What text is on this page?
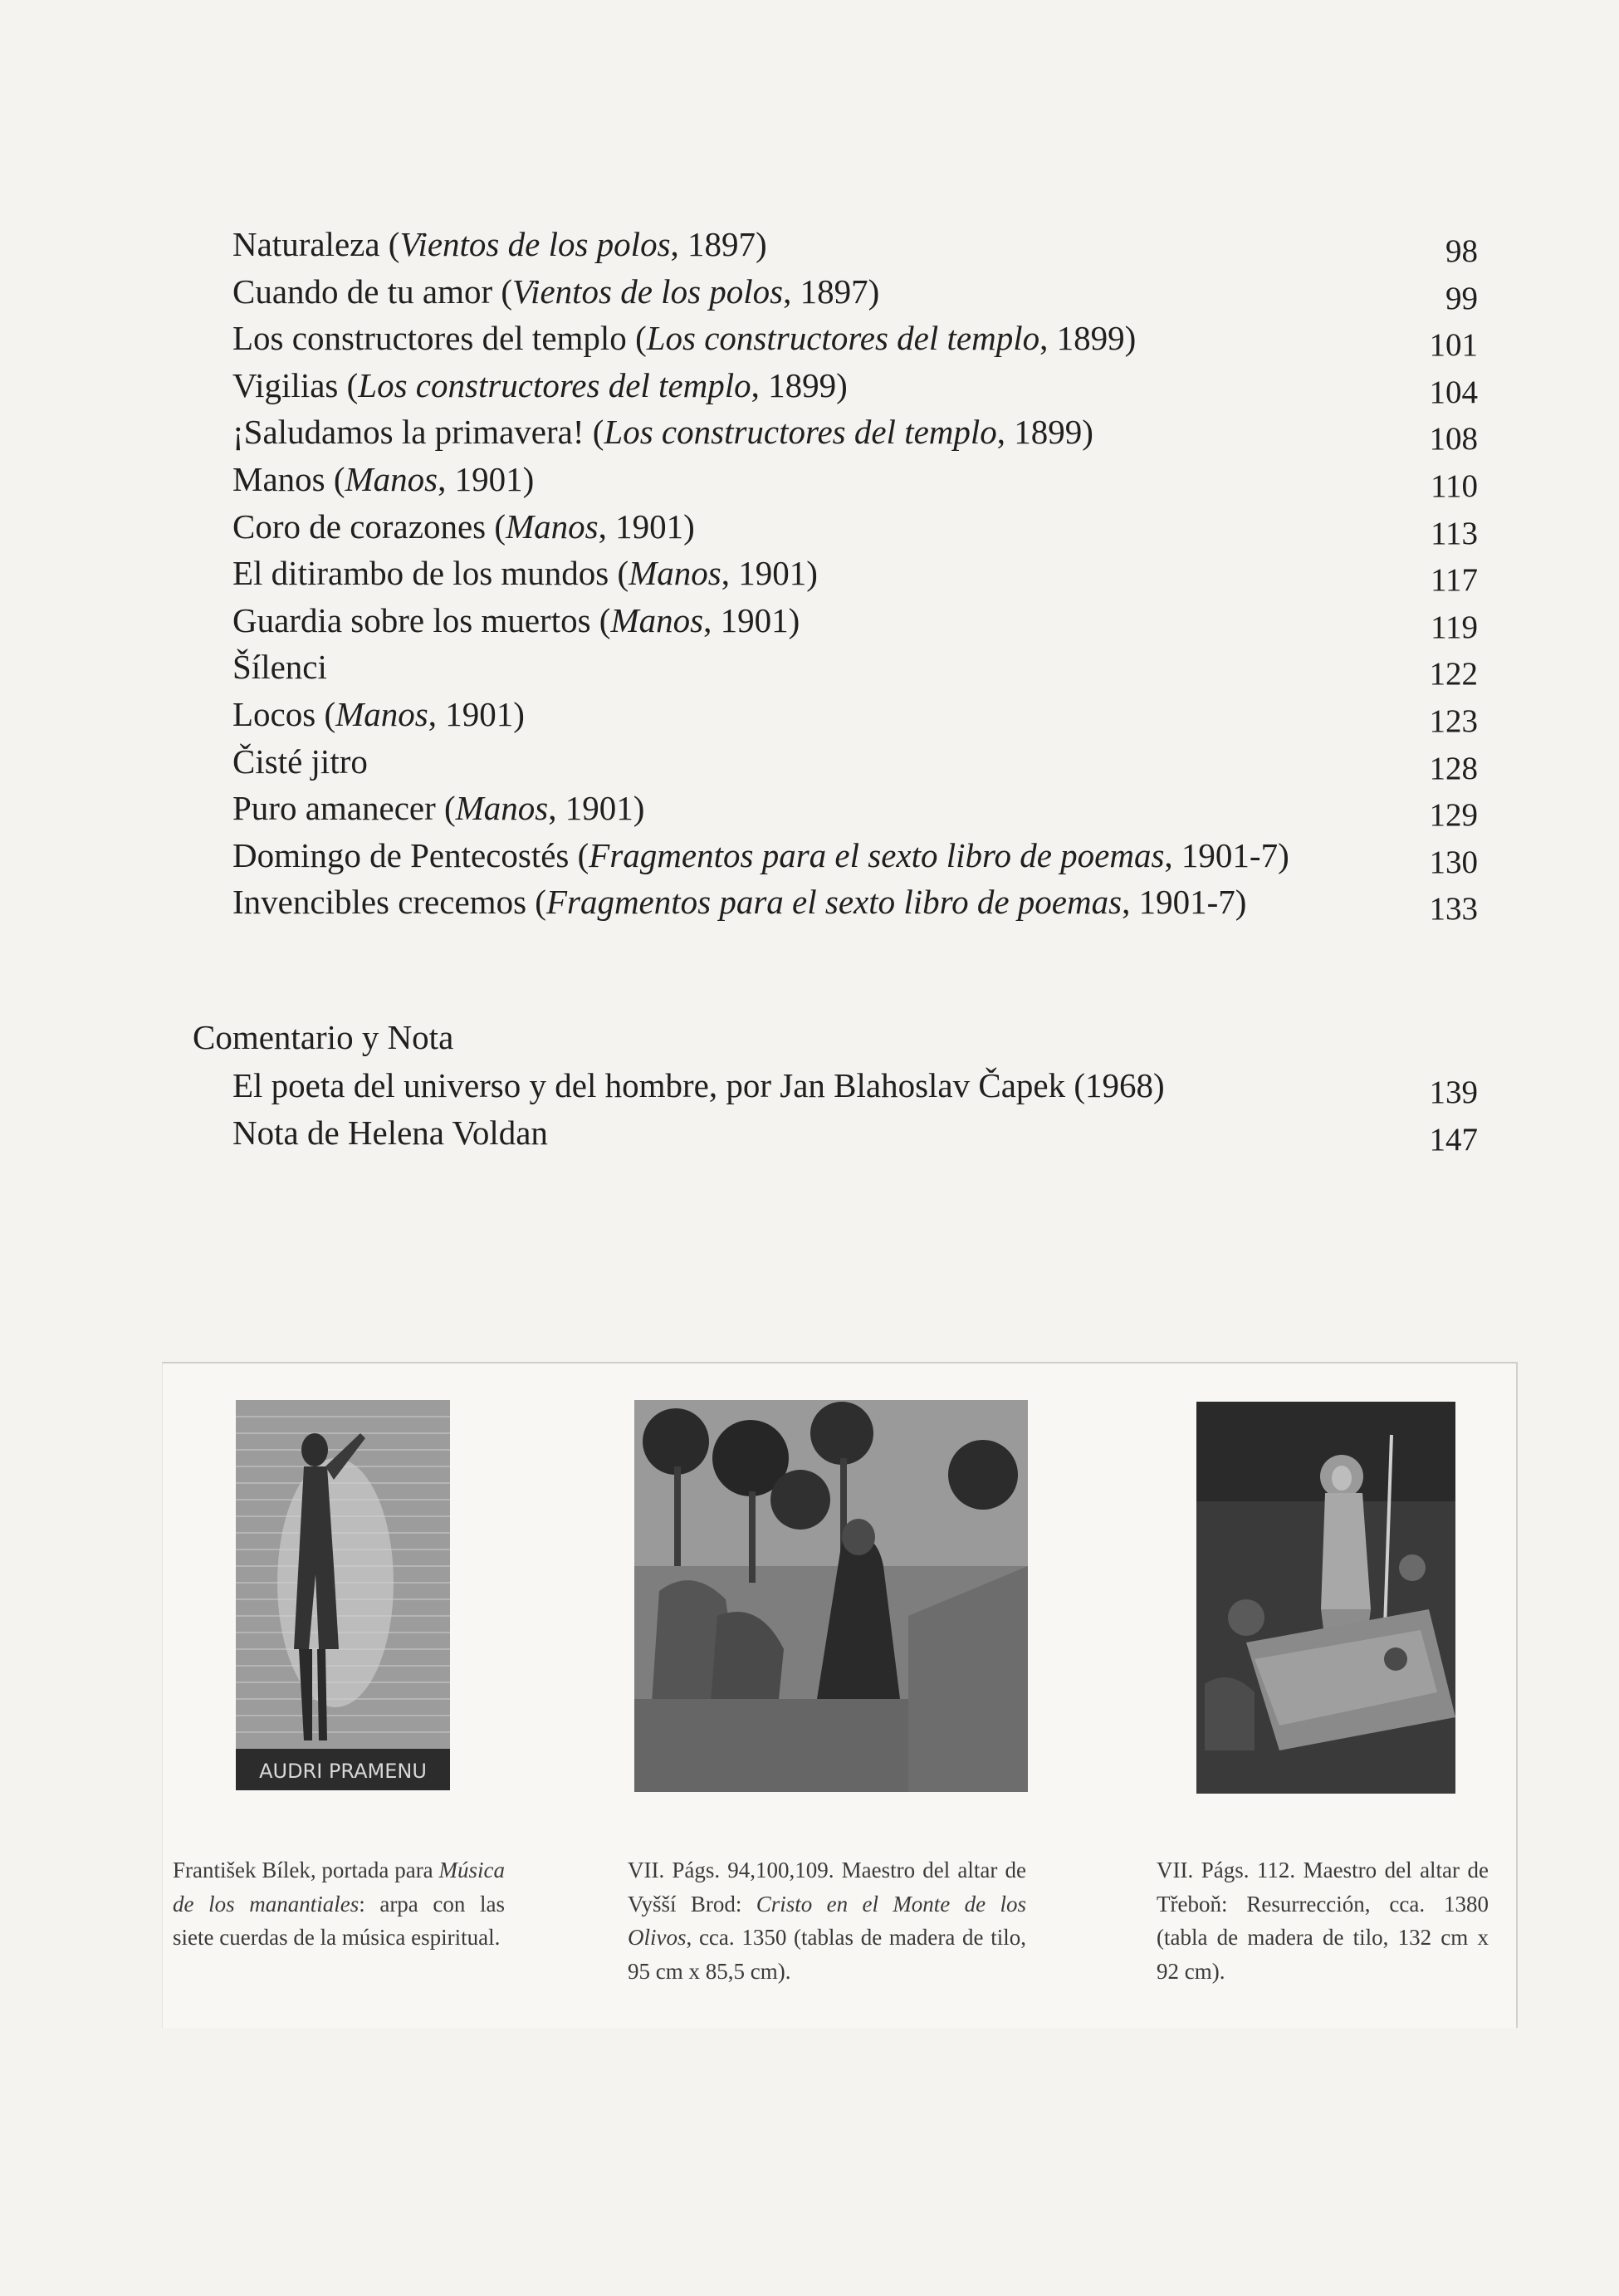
Naturaleza (Vientos de los polos, 1897)	98
Cuando de tu amor (Vientos de los polos, 1897)	99
Los constructores del templo (Los constructores del templo, 1899)	101
Vigilias (Los constructores del templo, 1899)	104
¡Saludamos la primavera! (Los constructores del templo, 1899)	108
Manos (Manos, 1901)	110
Coro de corazones (Manos, 1901)	113
El ditirambo de los mundos (Manos, 1901)	117
Guardia sobre los muertos (Manos, 1901)	119
Šílenci	122
Locos (Manos, 1901)	123
Čisté jitro	128
Puro amanecer (Manos, 1901)	129
Domingo de Pentecostés (Fragmentos para el sexto libro de poemas, 1901-7)	130
Invencibles crecemos (Fragmentos para el sexto libro de poemas, 1901-7)	133
Comentario y Nota
El poeta del universo y del hombre, por Jan Blahoslav Čapek (1968)	139
Nota de Helena Voldan	147
AUDRI PRAMENU
František Bílek, portada para Música de los manantiales: arpa con las siete cuerdas de la música espiritual.
VII. Págs. 94,100,109. Maestro del altar de Vyšší Brod: Cristo en el Monte de los Olivos, cca. 1350 (tablas de madera de tilo, 95 cm x 85,5 cm).
VII. Págs. 112. Maestro del altar de Třeboň: Resurrección, cca. 1380 (tabla de madera de tilo, 132 cm x 92 cm).
